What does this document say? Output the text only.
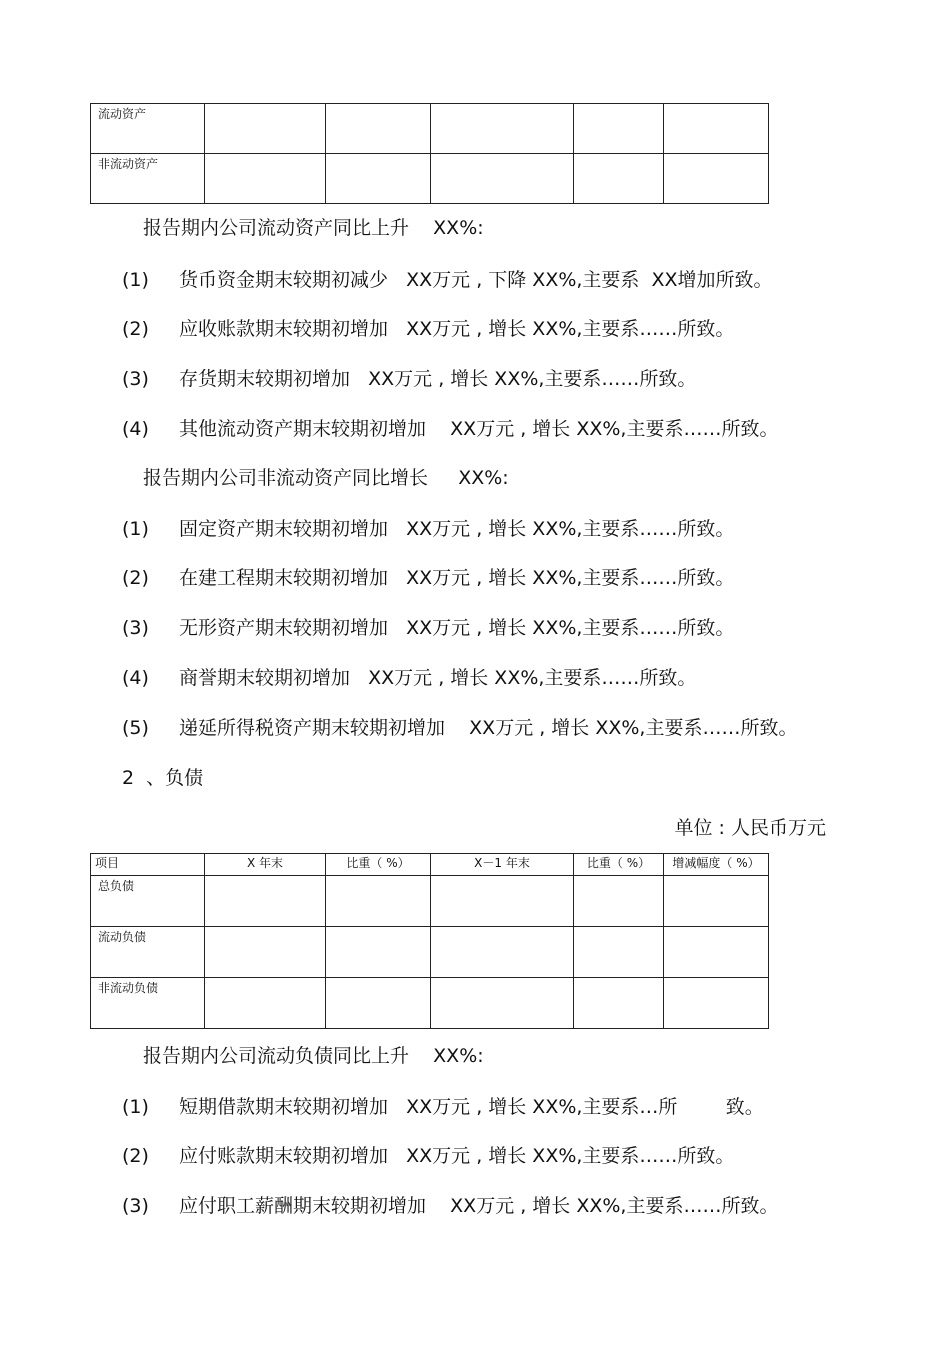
流动资产					
非流动资产					
报告期内公司流动资产同比上升    XX%:
(1) 货币资金期末较期初减少   XX万元 , 下降 XX%,主要系  XX增加所致。
(2) 应收账款期末较期初增加   XX万元 , 增长 XX%,主要系……所致。
(3) 存货期末较期初增加   XX万元 , 增长 XX%,主要系……所致。
(4) 其他流动资产期末较期初增加    XX万元 , 增长 XX%,主要系……所致。
报告期内公司非流动资产同比增长     XX%:
(1) 固定资产期末较期初增加   XX万元 , 增长 XX%,主要系……所致。
(2) 在建工程期末较期初增加   XX万元 , 增长 XX%,主要系……所致。
(3) 无形资产期末较期初增加   XX万元 , 增长 XX%,主要系……所致。
(4) 商誉期末较期初增加   XX万元 , 增长 XX%,主要系……所致。
(5) 递延所得税资产期末较期初增加    XX万元 , 增长 XX%,主要系……所致。
2  、负债
单位 : 人民币万元
项目	X 年末	比重（ %）	X－1 年末	比重（ %）	增减幅度（ %）
总负债					
流动负债					
非流动负债					
报告期内公司流动负债同比上升    XX%:
(1) 短期借款期末较期初增加   XX万元 , 增长 XX%,主要系…所        致。
(2) 应付账款期末较期初增加   XX万元 , 增长 XX%,主要系……所致。
(3) 应付职工薪酬期末较期初增加    XX万元 , 增长 XX%,主要系……所致。
